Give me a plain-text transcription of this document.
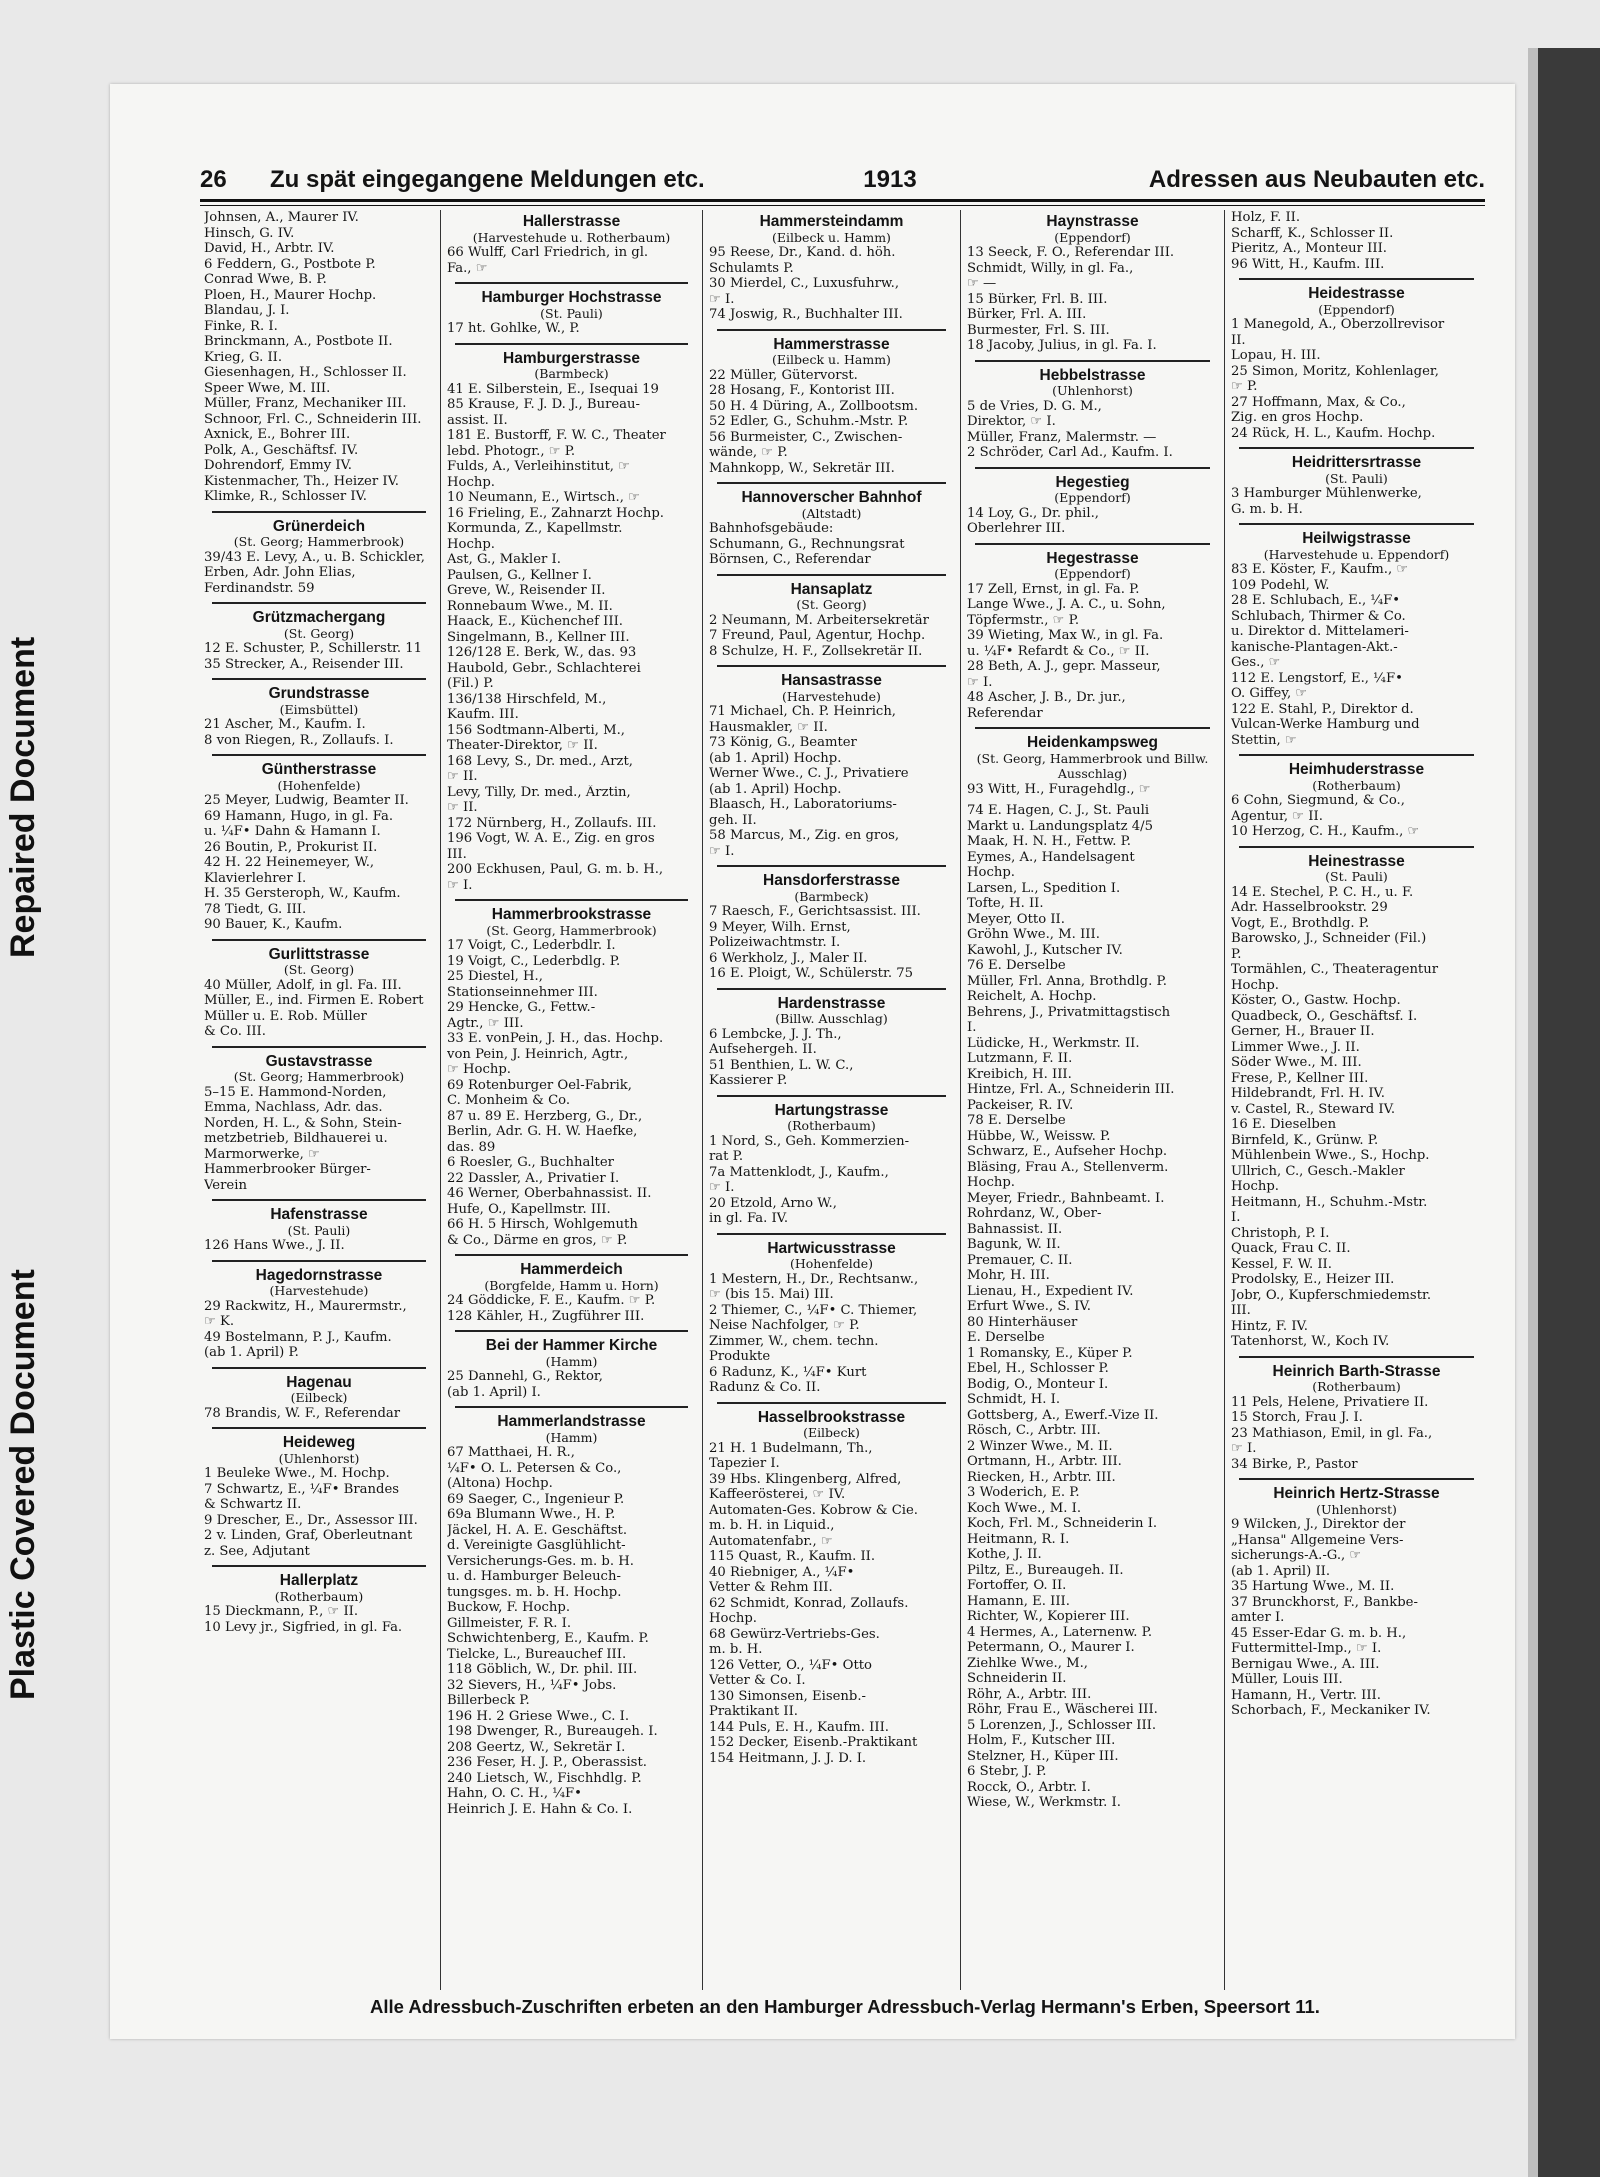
Repaired Document
Plastic Covered Document
26	Zu spät eingegangene Meldungen etc.	1913	Adressen aus Neubauten etc.
Johnsen, A., Maurer IV.
Hinsch, G. IV.
David, H., Arbtr. IV.
6 Feddern, G., Postbote P.
Conrad Wwe, B. P.
Ploen, H., Maurer Hochp.
Blandau, J. I.
Finke, R. I.
Brinckmann, A., Postbote II.
Krieg, G. II.
Giesenhagen, H., Schlosser II.
Speer Wwe, M. III.
Müller, Franz, Mechaniker III.
Schnoor, Frl. C., Schneiderin III.
Axnick, E., Bohrer III.
Polk, A., Geschäftsf. IV.
Dohrendorf, Emmy IV.
Kistenmacher, Th., Heizer IV.
Klimke, R., Schlosser IV.
Grünerdeich
(St. Georg; Hammerbrook)
39/43 E. Levy, A., u. B. Schickler,
Erben, Adr. John Elias,
Ferdinandstr. 59
Grützmachergang
(St. Georg)
12 E. Schuster, P., Schillerstr. 11
35 Strecker, A., Reisender III.
Grundstrasse
(Eimsbüttel)
21 Ascher, M., Kaufm. I.
8 von Riegen, R., Zollaufs. I.
Güntherstrasse
(Hohenfelde)
25 Meyer, Ludwig, Beamter II.
69 Hamann, Hugo, in gl. Fa.
u. ¼F• Dahn & Hamann I.
26 Boutin, P., Prokurist II.
42 H. 22 Heinemeyer, W.,
Klavierlehrer I.
H. 35 Gersteroph, W., Kaufm.
78 Tiedt, G. III.
90 Bauer, K., Kaufm.
Gurlittstrasse
(St. Georg)
40 Müller, Adolf, in gl. Fa. III.
Müller, E., ind. Firmen E. Robert
Müller u. E. Rob. Müller
& Co. III.
Gustavstrasse
(St. Georg; Hammerbrook)
5–15 E. Hammond-Norden,
Emma, Nachlass, Adr. das.
Norden, H. L., & Sohn, Stein-
metzbetrieb, Bildhauerei u.
Marmorwerke, ☞
Hammerbrooker Bürger-
Verein
Hafenstrasse
(St. Pauli)
126 Hans Wwe., J. II.
Hagedornstrasse
(Harvestehude)
29 Rackwitz, H., Maurermstr.,
☞ K.
49 Bostelmann, P. J., Kaufm.
(ab 1. April) P.
Hagenau
(Eilbeck)
78 Brandis, W. F., Referendar
Heideweg
(Uhlenhorst)
1 Beuleke Wwe., M. Hochp.
7 Schwartz, E., ¼F• Brandes
& Schwartz II.
9 Drescher, E., Dr., Assessor III.
2 v. Linden, Graf, Oberleutnant
z. See, Adjutant
Hallerplatz
(Rotherbaum)
15 Dieckmann, P., ☞ II.
10 Levy jr., Sigfried, in gl. Fa.
Hallerstrasse
(Harvestehude u. Rotherbaum)
66 Wulff, Carl Friedrich, in gl.
Fa., ☞
Hamburger Hochstrasse
(St. Pauli)
17 ht. Gohlke, W., P.
Hamburgerstrasse
(Barmbeck)
41 E. Silberstein, E., Isequai 19
85 Krause, F. J. D. J., Bureau-
assist. II.
181 E. Bustorff, F. W. C., Theater
lebd. Photogr., ☞ P.
Fulds, A., Verleihinstitut, ☞
Hochp.
10 Neumann, E., Wirtsch., ☞
16 Frieling, E., Zahnarzt Hochp.
Kormunda, Z., Kapellmstr.
Hochp.
Ast, G., Makler I.
Paulsen, G., Kellner I.
Greve, W., Reisender II.
Ronnebaum Wwe., M. II.
Haack, E., Küchenchef III.
Singelmann, B., Kellner III.
126/128 E. Berk, W., das. 93
Haubold, Gebr., Schlachterei
(Fil.) P.
136/138 Hirschfeld, M.,
Kaufm. III.
156 Sodtmann-Alberti, M.,
Theater-Direktor, ☞ II.
168 Levy, S., Dr. med., Arzt,
☞ II.
Levy, Tilly, Dr. med., Ärztin,
☞ II.
172 Nürnberg, H., Zollaufs. III.
196 Vogt, W. A. E., Zig. en gros
III.
200 Eckhusen, Paul, G. m. b. H.,
☞ I.
Hammerbrookstrasse
(St. Georg, Hammerbrook)
17 Voigt, C., Lederbdlr. I.
19 Voigt, C., Lederbdlg. P.
25 Diestel, H.,
Stationseinnehmer III.
29 Hencke, G., Fettw.-
Agtr., ☞ III.
33 E. vonPein, J. H., das. Hochp.
von Pein, J. Heinrich, Agtr.,
☞ Hochp.
69 Rotenburger Oel-Fabrik,
C. Monheim & Co.
87 u. 89 E. Herzberg, G., Dr.,
Berlin, Adr. G. H. W. Haefke,
das. 89
6 Roesler, G., Buchhalter
22 Dassler, A., Privatier I.
46 Werner, Oberbahnassist. II.
Hufe, O., Kapellmstr. III.
66 H. 5 Hirsch, Wohlgemuth
& Co., Därme en gros, ☞ P.
Hammerdeich
(Borgfelde, Hamm u. Horn)
24 Göddicke, F. E., Kaufm. ☞ P.
128 Kähler, H., Zugführer III.
Bei der Hammer Kirche
(Hamm)
25 Dannehl, G., Rektor,
(ab 1. April) I.
Hammerlandstrasse
(Hamm)
67 Matthaei, H. R.,
¼F• O. L. Petersen & Co.,
(Altona) Hochp.
69 Saeger, C., Ingenieur P.
69a Blumann Wwe., H. P.
Jäckel, H. A. E. Geschäftst.
d. Vereinigte Gasglühlicht-
Versicherungs-Ges. m. b. H.
u. d. Hamburger Beleuch-
tungsges. m. b. H. Hochp.
Buckow, F. Hochp.
Gillmeister, F. R. I.
Schwichtenberg, E., Kaufm. P.
Tielcke, L., Bureauchef III.
118 Göblich, W., Dr. phil. III.
32 Sievers, H., ¼F• Jobs.
Billerbeck P.
196 H. 2 Griese Wwe., C. I.
198 Dwenger, R., Bureaugeh. I.
208 Geertz, W., Sekretär I.
236 Feser, H. J. P., Oberassist.
240 Lietsch, W., Fischhdlg. P.
Hahn, O. C. H., ¼F•
Heinrich J. E. Hahn & Co. I.
Hammersteindamm
(Eilbeck u. Hamm)
95 Reese, Dr., Kand. d. höh.
Schulamts P.
30 Mierdel, C., Luxusfuhrw.,
☞ I.
74 Joswig, R., Buchhalter III.
Hammerstrasse
(Eilbeck u. Hamm)
22 Müller, Gütervorst.
28 Hosang, F., Kontorist III.
50 H. 4 Düring, A., Zollbootsm.
52 Edler, G., Schuhm.-Mstr. P.
56 Burmeister, C., Zwischen-
wände, ☞ P.
Mahnkopp, W., Sekretär III.
Hannoverscher Bahnhof
(Altstadt)
Bahnhofsgebäude:
Schumann, G., Rechnungsrat
Börnsen, C., Referendar
Hansaplatz
(St. Georg)
2 Neumann, M. Arbeitersekretär
7 Freund, Paul, Agentur, Hochp.
8 Schulze, H. F., Zollsekretär II.
Hansastrasse
(Harvestehude)
71 Michael, Ch. P. Heinrich,
Hausmakler, ☞ II.
73 König, G., Beamter
(ab 1. April) Hochp.
Werner Wwe., C. J., Privatiere
(ab 1. April) Hochp.
Blaasch, H., Laboratoriums-
geh. II.
58 Marcus, M., Zig. en gros,
☞ I.
Hansdorferstrasse
(Barmbeck)
7 Raesch, F., Gerichtsassist. III.
9 Meyer, Wilh. Ernst,
Polizeiwachtmstr. I.
6 Werkholz, J., Maler II.
16 E. Ploigt, W., Schülerstr. 75
Hardenstrasse
(Billw. Ausschlag)
6 Lembcke, J. J. Th.,
Aufsehergeh. II.
51 Benthien, L. W. C.,
Kassierer P.
Hartungstrasse
(Rotherbaum)
1 Nord, S., Geh. Kommerzien-
rat P.
7a Mattenklodt, J., Kaufm.,
☞ I.
20 Etzold, Arno W.,
in gl. Fa. IV.
Hartwicusstrasse
(Hohenfelde)
1 Mestern, H., Dr., Rechtsanw.,
☞ (bis 15. Mai) III.
2 Thiemer, C., ¼F• C. Thiemer,
Neise Nachfolger, ☞ P.
Zimmer, W., chem. techn.
Produkte
6 Radunz, K., ¼F• Kurt
Radunz & Co. II.
Hasselbrookstrasse
(Eilbeck)
21 H. 1 Budelmann, Th.,
Tapezier I.
39 Hbs. Klingenberg, Alfred,
Kaffeerösterei, ☞ IV.
Automaten-Ges. Kobrow & Cie.
m. b. H. in Liquid.,
Automatenfabr., ☞
115 Quast, R., Kaufm. II.
40 Riebniger, A., ¼F•
Vetter & Rehm III.
62 Schmidt, Konrad, Zollaufs.
Hochp.
68 Gewürz-Vertriebs-Ges.
m. b. H.
126 Vetter, O., ¼F• Otto
Vetter & Co. I.
130 Simonsen, Eisenb.-
Praktikant II.
144 Puls, E. H., Kaufm. III.
152 Decker, Eisenb.-Praktikant
154 Heitmann, J. J. D. I.
Haynstrasse
(Eppendorf)
13 Seeck, F. O., Referendar III.
Schmidt, Willy, in gl. Fa.,
☞ —
15 Bürker, Frl. B. III.
Bürker, Frl. A. III.
Burmester, Frl. S. III.
18 Jacoby, Julius, in gl. Fa. I.
Hebbelstrasse
(Uhlenhorst)
5 de Vries, D. G. M.,
Direktor, ☞ I.
Müller, Franz, Malermstr. —
2 Schröder, Carl Ad., Kaufm. I.
Hegestieg
(Eppendorf)
14 Loy, G., Dr. phil.,
Oberlehrer III.
Hegestrasse
(Eppendorf)
17 Zell, Ernst, in gl. Fa. P.
Lange Wwe., J. A. C., u. Sohn,
Töpfermstr., ☞ P.
39 Wieting, Max W., in gl. Fa.
u. ¼F• Refardt & Co., ☞ II.
28 Beth, A. J., gepr. Masseur,
☞ I.
48 Ascher, J. B., Dr. jur.,
Referendar
Heidenkampsweg
(St. Georg, Hammerbrook und Billw. Ausschlag)
93 Witt, H., Furagehdlg., ☞
74 E. Hagen, C. J., St. Pauli
Markt u. Landungsplatz 4/5
Maak, H. N. H., Fettw. P.
Eymes, A., Handelsagent
Hochp.
Larsen, L., Spedition I.
Tofte, H. II.
Meyer, Otto II.
Gröhn Wwe., M. III.
Kawohl, J., Kutscher IV.
76 E. Derselbe
Müller, Frl. Anna, Brothdlg. P.
Reichelt, A. Hochp.
Behrens, J., Privatmittagstisch
I.
Lüdicke, H., Werkmstr. II.
Lutzmann, F. II.
Kreibich, H. III.
Hintze, Frl. A., Schneiderin III.
Packeiser, R. IV.
78 E. Derselbe
Hübbe, W., Weissw. P.
Schwarz, E., Aufseher Hochp.
Bläsing, Frau A., Stellenverm.
Hochp.
Meyer, Friedr., Bahnbeamt. I.
Rohrdanz, W., Ober-
Bahnassist. II.
Bagunk, W. II.
Premauer, C. II.
Mohr, H. III.
Lienau, H., Expedient IV.
Erfurt Wwe., S. IV.
80 Hinterhäuser
E. Derselbe
1 Romansky, E., Küper P.
Ebel, H., Schlosser P.
Bodig, O., Monteur I.
Schmidt, H. I.
Gottsberg, A., Ewerf.-Vize II.
Rösch, C., Arbtr. III.
2 Winzer Wwe., M. II.
Ortmann, H., Arbtr. III.
Riecken, H., Arbtr. III.
3 Woderich, E. P.
Koch Wwe., M. I.
Koch, Frl. M., Schneiderin I.
Heitmann, R. I.
Kothe, J. II.
Piltz, E., Bureaugeh. II.
Fortoffer, O. II.
Hamann, E. III.
Richter, W., Kopierer III.
4 Hermes, A., Laternenw. P.
Petermann, O., Maurer I.
Ziehlke Wwe., M.,
Schneiderin II.
Röhr, A., Arbtr. III.
Röhr, Frau E., Wäscherei III.
5 Lorenzen, J., Schlosser III.
Holm, F., Kutscher III.
Stelzner, H., Küper III.
6 Stebr, J. P.
Rocck, O., Arbtr. I.
Wiese, W., Werkmstr. I.
Holz, F. II.
Scharff, K., Schlosser II.
Pieritz, A., Monteur III.
96 Witt, H., Kaufm. III.
Heidestrasse
(Eppendorf)
1 Manegold, A., Oberzollrevisor
II.
Lopau, H. III.
25 Simon, Moritz, Kohlenlager,
☞ P.
27 Hoffmann, Max, & Co.,
Zig. en gros Hochp.
24 Rück, H. L., Kaufm. Hochp.
Heidrittersrtrasse
(St. Pauli)
3 Hamburger Mühlenwerke,
G. m. b. H.
Heilwigstrasse
(Harvestehude u. Eppendorf)
83 E. Köster, F., Kaufm., ☞
109 Podehl, W.
28 E. Schlubach, E., ¼F•
Schlubach, Thirmer & Co.
u. Direktor d. Mittelameri-
kanische-Plantagen-Akt.-
Ges., ☞
112 E. Lengstorf, E., ¼F•
O. Giffey, ☞
122 E. Stahl, P., Direktor d.
Vulcan-Werke Hamburg und
Stettin, ☞
Heimhuderstrasse
(Rotherbaum)
6 Cohn, Siegmund, & Co.,
Agentur, ☞ II.
10 Herzog, C. H., Kaufm., ☞
Heinestrasse
(St. Pauli)
14 E. Stechel, P. C. H., u. F.
Adr. Hasselbrookstr. 29
Vogt, E., Brothdlg. P.
Barowsko, J., Schneider (Fil.)
P.
Tormählen, C., Theateragentur
Hochp.
Köster, O., Gastw. Hochp.
Quadbeck, O., Geschäftsf. I.
Gerner, H., Brauer II.
Limmer Wwe., J. II.
Söder Wwe., M. III.
Frese, P., Kellner III.
Hildebrandt, Frl. H. IV.
v. Castel, R., Steward IV.
16 E. Dieselben
Birnfeld, K., Grünw. P.
Mühlenbein Wwe., S., Hochp.
Ullrich, C., Gesch.-Makler
Hochp.
Heitmann, H., Schuhm.-Mstr.
I.
Christoph, P. I.
Quack, Frau C. II.
Kessel, F. W. II.
Prodolsky, E., Heizer III.
Jobr, O., Kupferschmiedemstr.
III.
Hintz, F. IV.
Tatenhorst, W., Koch IV.
Heinrich Barth-Strasse
(Rotherbaum)
11 Pels, Helene, Privatiere II.
15 Storch, Frau J. I.
23 Mathiason, Emil, in gl. Fa.,
☞ I.
34 Birke, P., Pastor
Heinrich Hertz-Strasse
(Uhlenhorst)
9 Wilcken, J., Direktor der
„Hansa" Allgemeine Vers-
sicherungs-A.-G., ☞
(ab 1. April) II.
35 Hartung Wwe., M. II.
37 Brunckhorst, F., Bankbe-
amter I.
45 Esser-Edar G. m. b. H.,
Futtermittel-Imp., ☞ I.
Bernigau Wwe., A. III.
Müller, Louis III.
Hamann, H., Vertr. III.
Schorbach, F., Meckaniker IV.
Alle Adressbuch-Zuschriften erbeten an den Hamburger Adressbuch-Verlag Hermann's Erben, Speersort 11.
